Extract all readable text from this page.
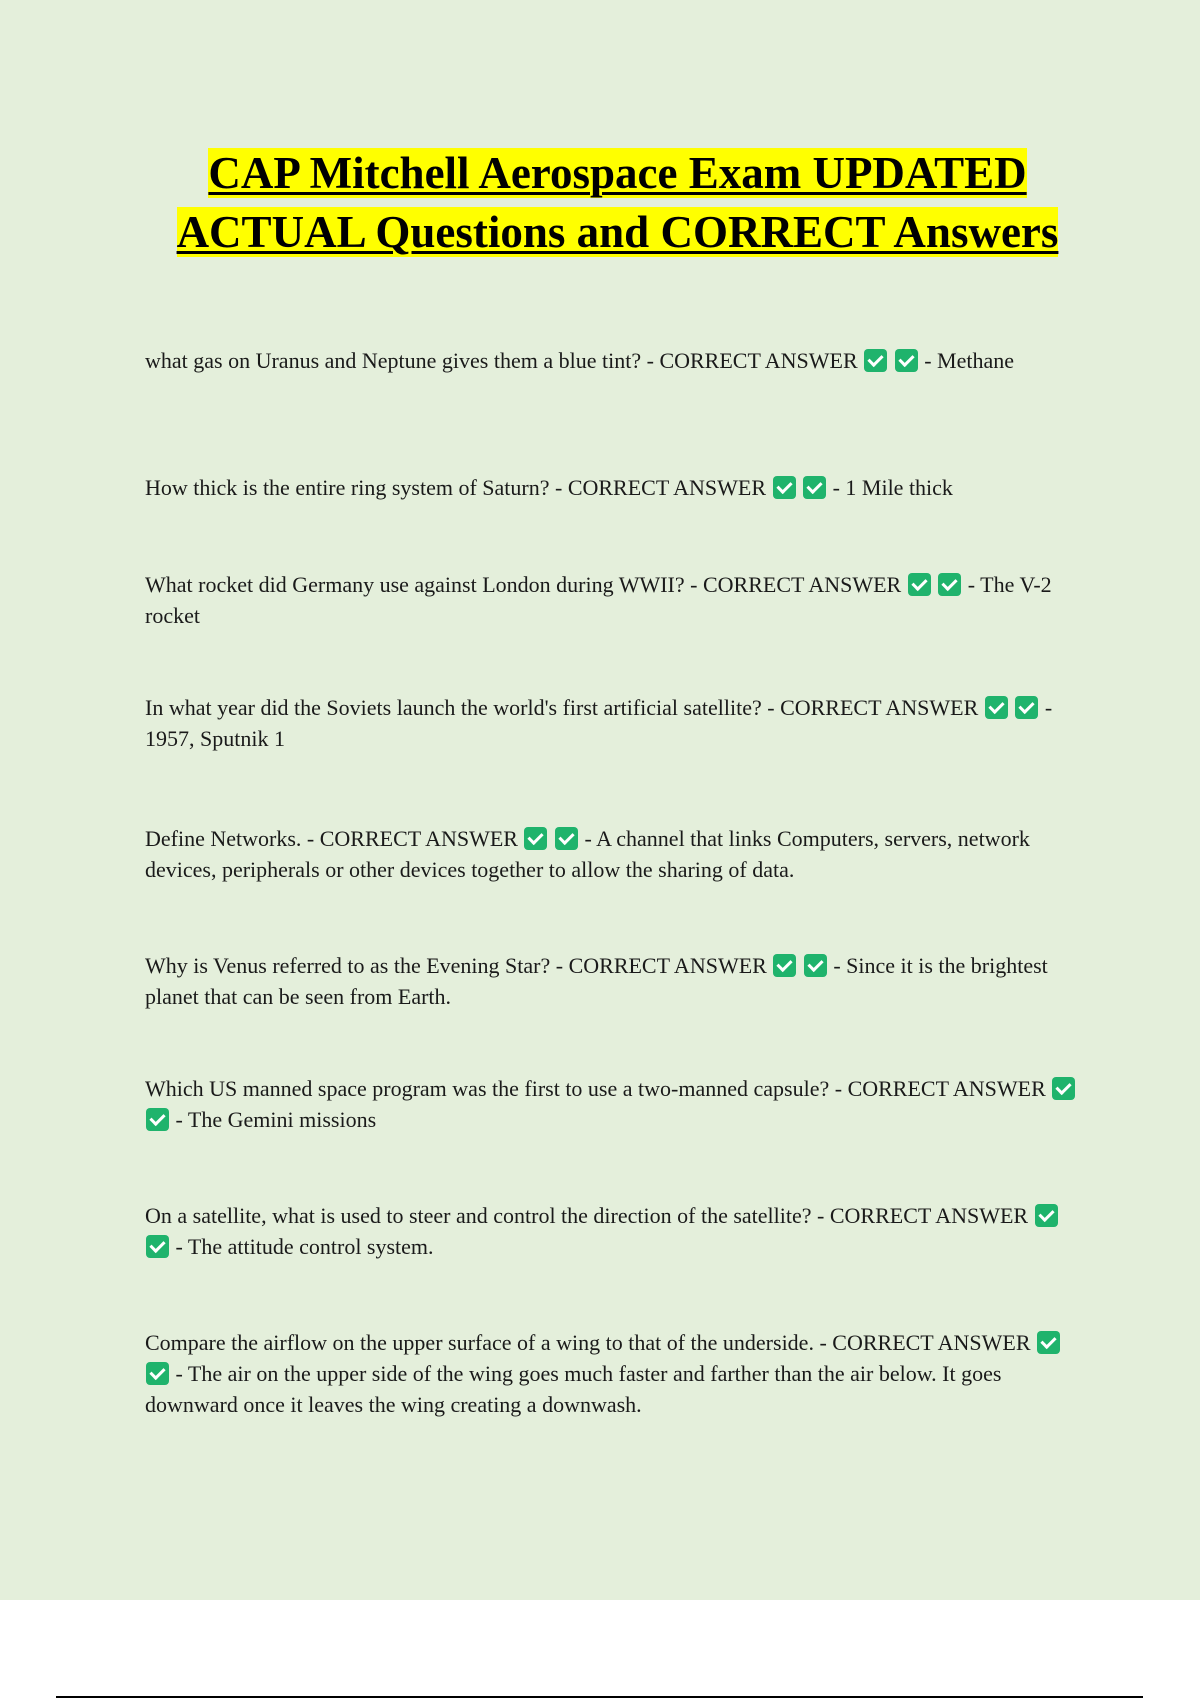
CAP Mitchell Aerospace Exam UPDATED ACTUAL Questions and CORRECT Answers

what gas on Uranus and Neptune gives them a blue tint? - CORRECT ANSWER	- Methane

How thick is the entire ring system of Saturn? - CORRECT ANSWER	- 1 Mile thick

What rocket did Germany use against London during WWII? - CORRECT ANSWER	- The V-2 rocket

In what year did the Soviets launch the world's first artificial satellite? - CORRECT ANSWER	- 1957, Sputnik 1

Define Networks. - CORRECT ANSWER	- A channel that links Computers, servers, network devices, peripherals or other devices together to allow the sharing of data.

Why is Venus referred to as the Evening Star? - CORRECT ANSWER	- Since it is the brightest planet that can be seen from Earth.

Which US manned space program was the first to use a two-manned capsule? - CORRECT ANSWER   - The Gemini missions

On a satellite, what is used to steer and control the direction of the satellite? - CORRECT ANSWER   - The attitude control system.

Compare the airflow on the upper surface of a wing to that of the underside. - CORRECT ANSWER   - The air on the upper side of the wing goes much faster and farther than the air below. It goes downward once it leaves the wing creating a downwash.
